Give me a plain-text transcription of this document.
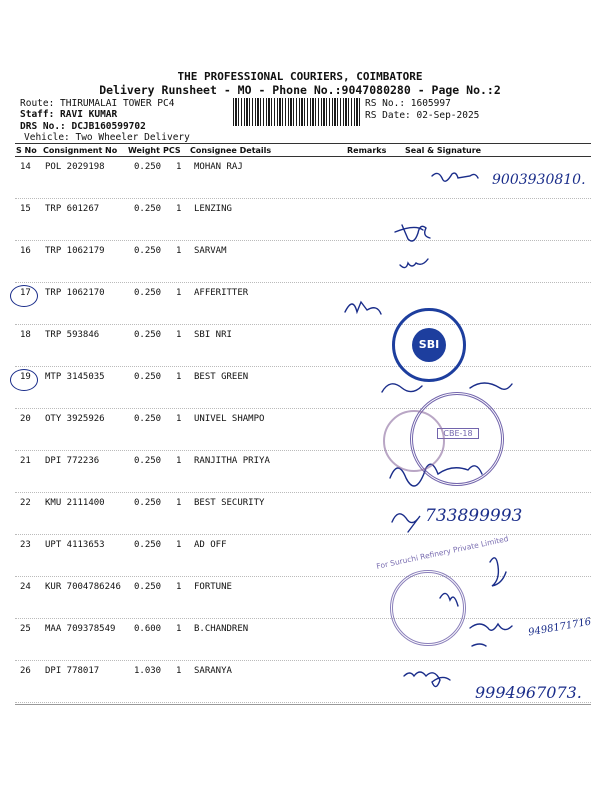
THE PROFESSIONAL COURIERS, COIMBATORE
Delivery Runsheet - MO - Phone No.:9047080280 - Page No.:2
Route: THIRUMALAI TOWER PC4
Staff: RAVI KUMAR
DRS No.: DCJB160599702
Vehicle: Two Wheeler Delivery
RS No.: 1605997
RS Date: 02-Sep-2025
S No Consignment No Weight PCS Consignee Details	Remarks Seal & Signature
14 POL 2029198	0.250 1 MOHAN RAJ
15 TRP 601267	0.250 1 LENZING
16 TRP 1062179	0.250 1 SARVAM
17 TRP 1062170	0.250 1 AFFERITTER
18 TRP 593846	0.250 1 SBI NRI
19 MTP 3145035	0.250 1 BEST GREEN
20 OTY 3925926	0.250 1 UNIVEL SHAMPO
21 DPI 772236	0.250 1 RANJITHA PRIYA
22 KMU 2111400	0.250 1 BEST SECURITY
23 UPT 4113653	0.250 1 AD OFF
24 KUR 7004786246 0.250 1 FORTUNE
25 MAA 709378549 0.600 1 B.CHANDREN
26 DPI 778017	1.030 1 SARANYA
9003930810.
733899993
9498171716
9994967073.
SBI
CBE-18
For Suruchi Refinery Private Limited
